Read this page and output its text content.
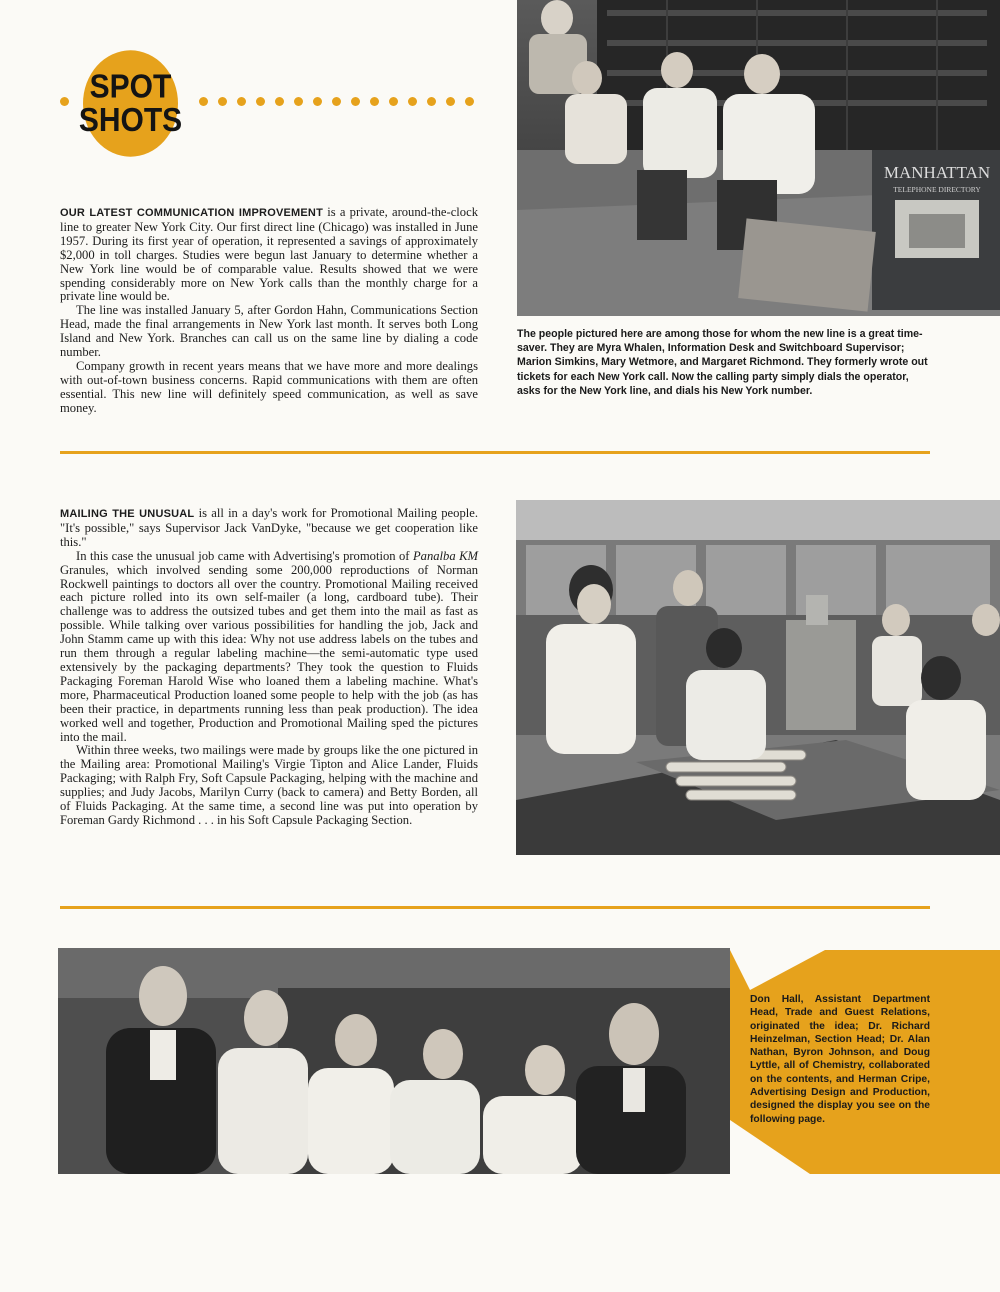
SPOT
SHOTS

OUR LATEST COMMUNICATION IMPROVEMENT is a private, around-the-clock line to greater New York City. Our first direct line (Chicago) was installed in June 1957. During its first year of operation, it represented a savings of approximately $2,000 in toll charges. Studies were begun last January to determine whether a New York line would be of comparable value. Results showed that we were spending considerably more on New York calls than the monthly charge for a private line would be.

The line was installed January 5, after Gordon Hahn, Communications Section Head, made the final arrangements in New York last month. It serves both Long Island and New York. Branches can call us on the same line by dialing a code number.

Company growth in recent years means that we have more and more dealings with out-of-town business concerns. Rapid communications with them are often essential. This new line will definitely speed communication, as well as save money.

MANHATTAN
TELEPHONE DIRECTORY
The people pictured here are among those for whom the new line is a great time-saver. They are Myra Whalen, Information Desk and Switchboard Supervisor; Marion Simkins, Mary Wetmore, and Margaret Richmond. They formerly wrote out tickets for each New York call. Now the calling party simply dials the operator, asks for the New York line, and dials his New York number.

MAILING THE UNUSUAL is all in a day's work for Promotional Mailing people. "It's possible," says Supervisor Jack VanDyke, "because we get cooperation like this."

In this case the unusual job came with Advertising's promotion of Panalba KM Granules, which involved sending some 200,000 reproductions of Norman Rockwell paintings to doctors all over the country. Promotional Mailing received each picture rolled into its own self-mailer (a long, cardboard tube). Their challenge was to address the outsized tubes and get them into the mail as fast as possible. While talking over various possibilities for handling the job, Jack and John Stamm came up with this idea: Why not use address labels on the tubes and run them through a regular labeling machine—the semi-automatic type used extensively by the packaging departments? They took the question to Fluids Packaging Foreman Harold Wise who loaned them a labeling machine. What's more, Pharmaceutical Production loaned some people to help with the job (as has been their practice, in departments running less than peak production). The idea worked well and together, Production and Promotional Mailing sped the pictures into the mail.

Within three weeks, two mailings were made by groups like the one pictured in the Mailing area: Promotional Mailing's Virgie Tipton and Alice Lander, Fluids Packaging; with Ralph Fry, Soft Capsule Packaging, helping with the machine and supplies; and Judy Jacobs, Marilyn Curry (back to camera) and Betty Borden, all of Fluids Packaging. At the same time, a second line was put into operation by Foreman Gardy Richmond . . . in his Soft Capsule Packaging Section.

Don Hall, Assistant Department Head, Trade and Guest Relations, originated the idea; Dr. Richard Heinzelman, Section Head; Dr. Alan Nathan, Byron Johnson, and Doug Lyttle, all of Chemistry, collaborated on the contents, and Herman Cripe, Advertising Design and Production, designed the display you see on the following page.
